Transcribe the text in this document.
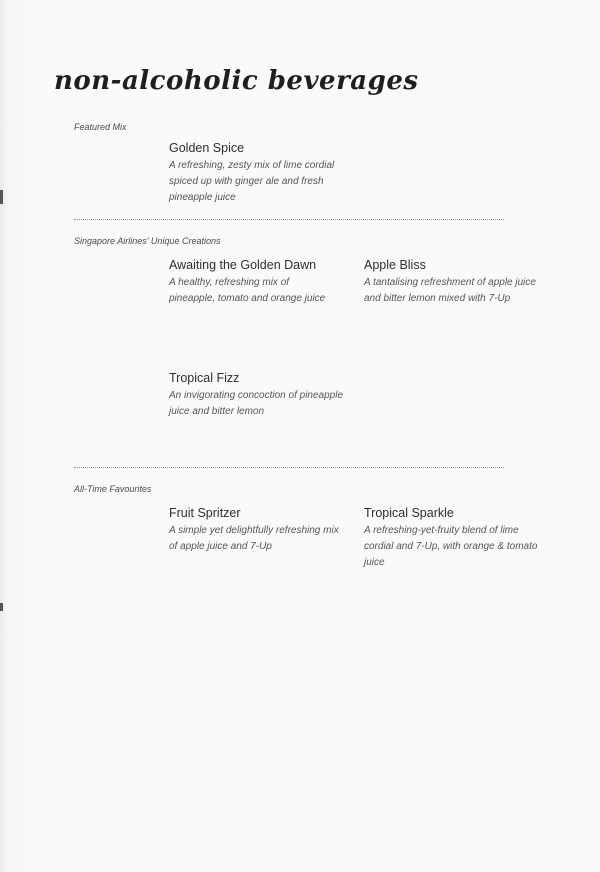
non-alcoholic beverages
Featured Mix
Golden Spice
A refreshing, zesty mix of lime cordial spiced up with ginger ale and fresh pineapple juice
Singapore Airlines' Unique Creations
Awaiting the Golden Dawn
A healthy, refreshing mix of pineapple, tomato and orange juice
Apple Bliss
A tantalising refreshment of apple juice and bitter lemon mixed with 7-Up
Tropical Fizz
An invigorating concoction of pineapple juice and bitter lemon
All-Time Favourites
Fruit Spritzer
A simple yet delightfully refreshing mix of apple juice and 7-Up
Tropical Sparkle
A refreshing-yet-fruity blend of lime cordial and 7-Up, with orange & tomato juice
